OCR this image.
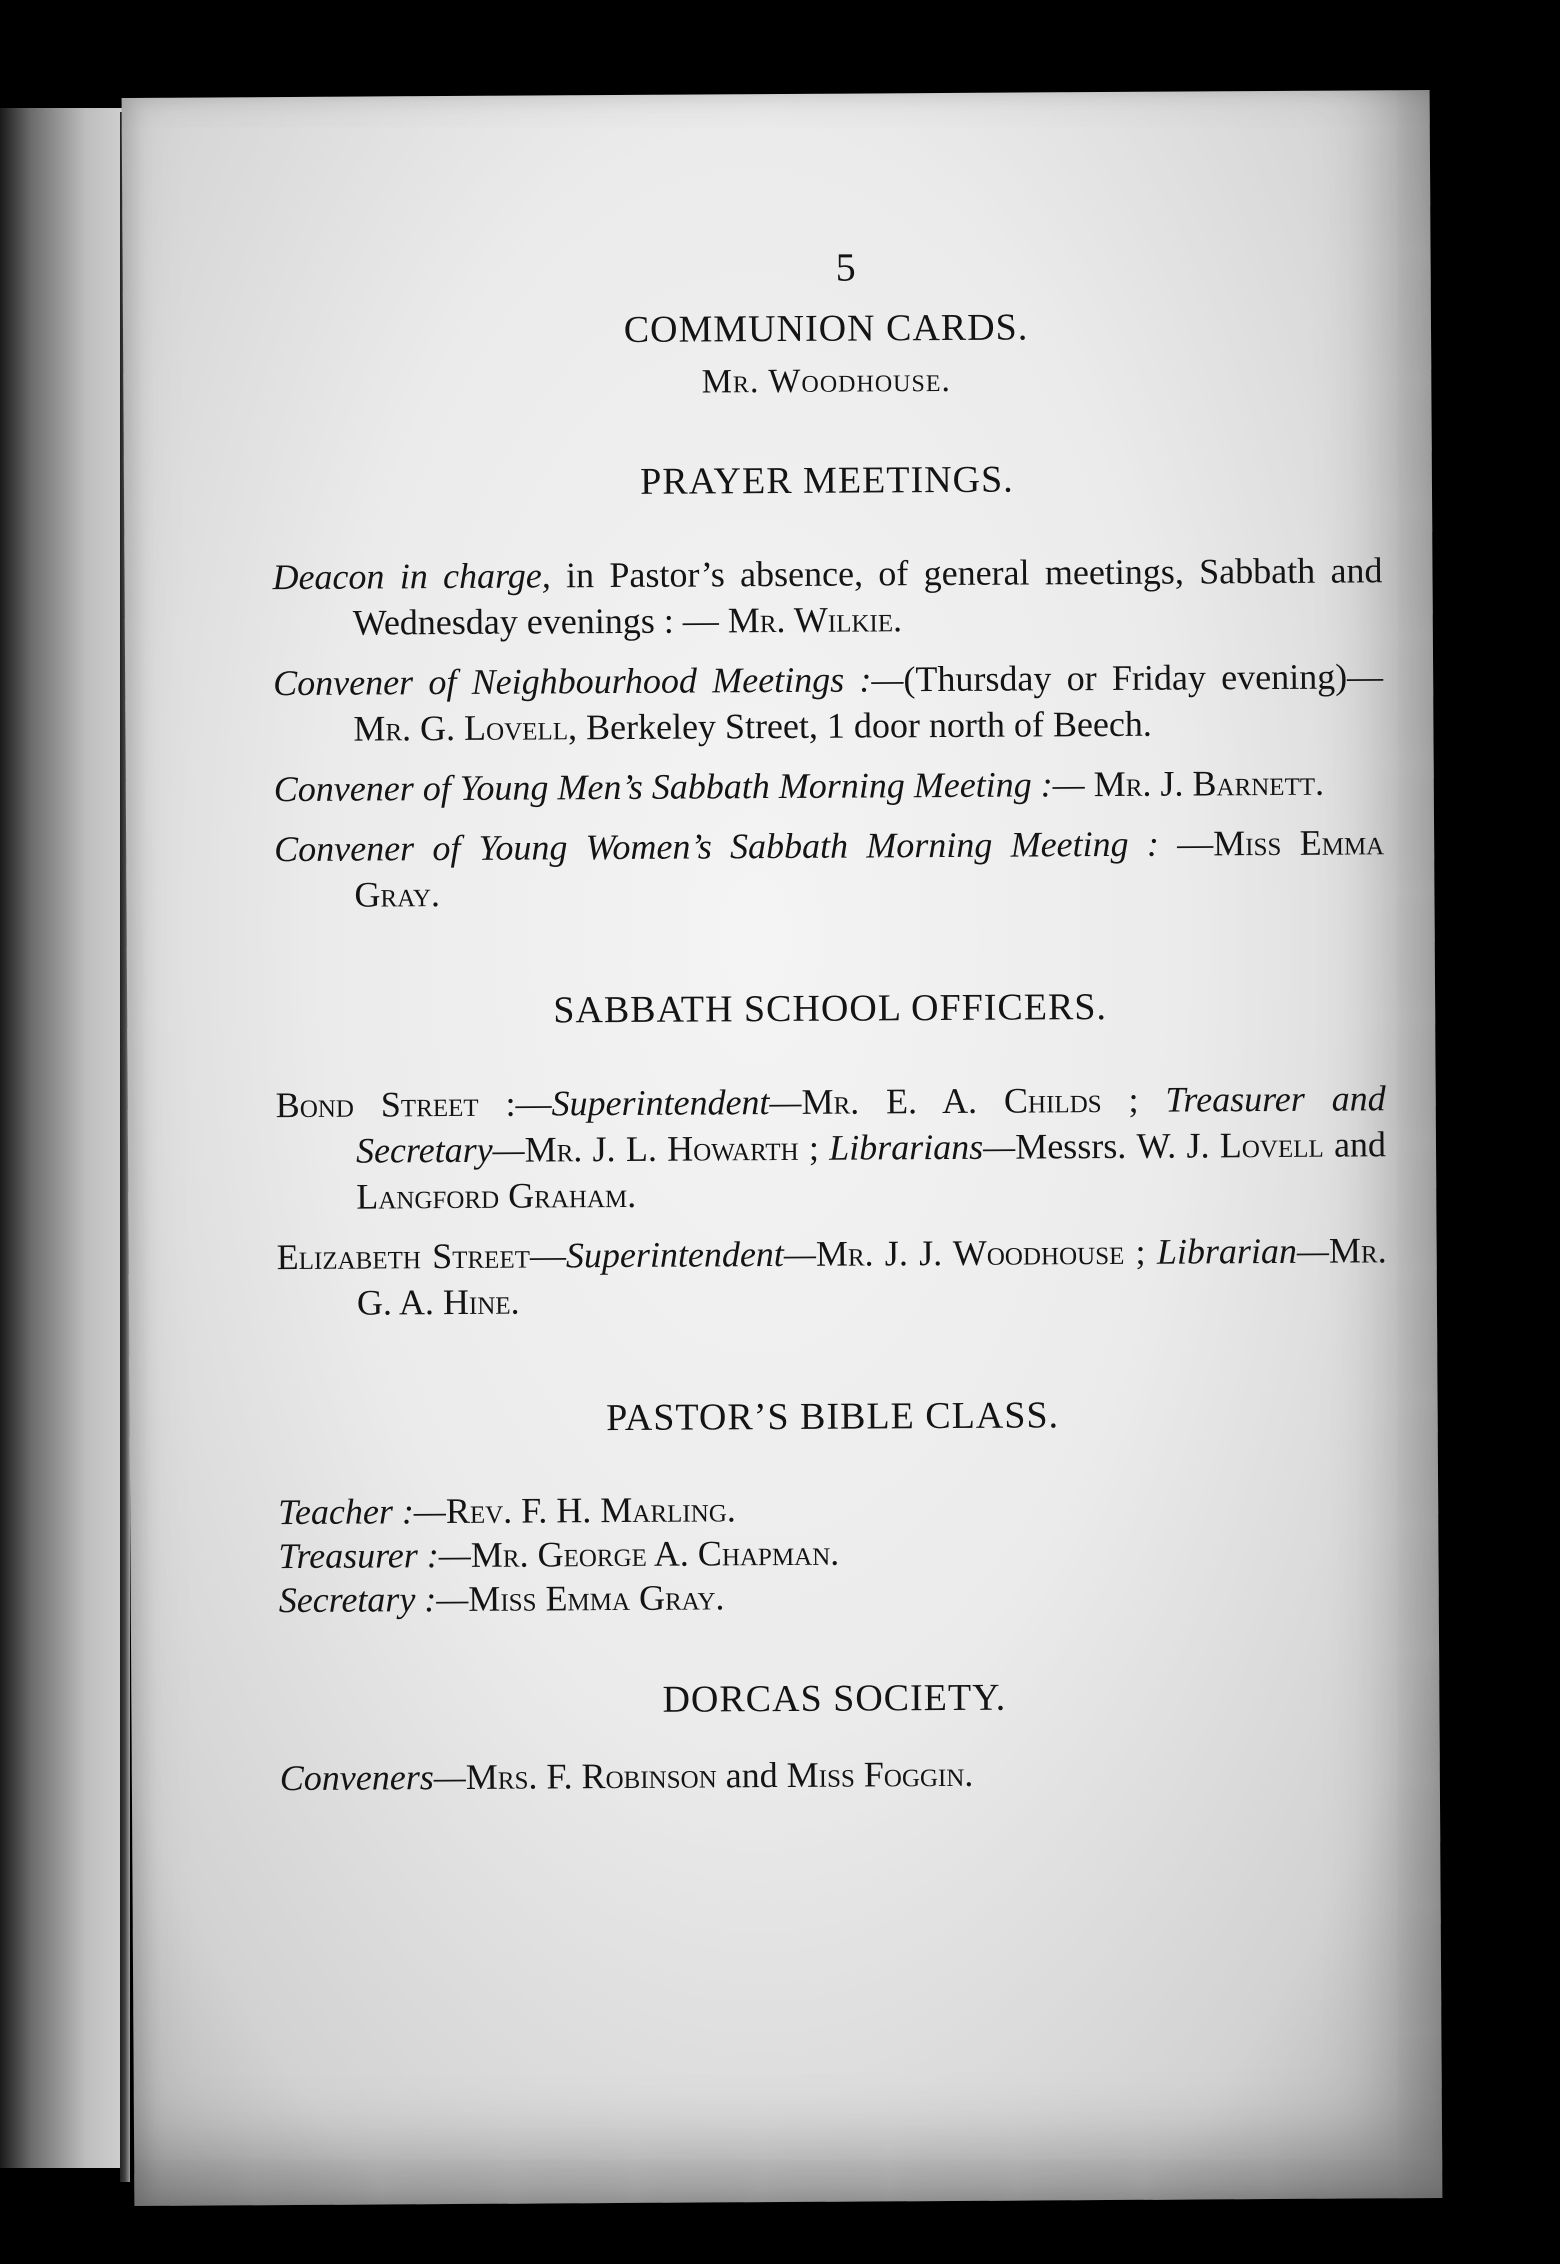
5
COMMUNION CARDS.
Mr. Woodhouse.
PRAYER MEETINGS.

Deacon in charge, in Pastor’s absence, of general meetings, Sabbath and Wednesday evenings : — Mr. Wilkie.

Convener of Neighbourhood Meetings :—(Thursday or Friday evening)—Mr. G. Lovell, Berkeley Street, 1 door north of Beech.

Convener of Young Men’s Sabbath Morning Meeting :— Mr. J. Barnett.

Convener of Young Women’s Sabbath Morning Meeting : —Miss Emma Gray.

SABBATH SCHOOL OFFICERS.

Bond Street :—Superintendent—Mr. E. A. Childs ; Treasurer and Secretary—Mr. J. L. Howarth ; Librarians—Messrs. W. J. Lovell and Langford Graham.

Elizabeth Street—Superintendent—Mr. J. J. Woodhouse ; Librarian—Mr. G. A. Hine.

PASTOR’S BIBLE CLASS.

Teacher :—Rev. F. H. Marling.

Treasurer :—Mr. George A. Chapman.

Secretary :—Miss Emma Gray.

DORCAS SOCIETY.

Conveners—Mrs. F. Robinson and Miss Foggin.
